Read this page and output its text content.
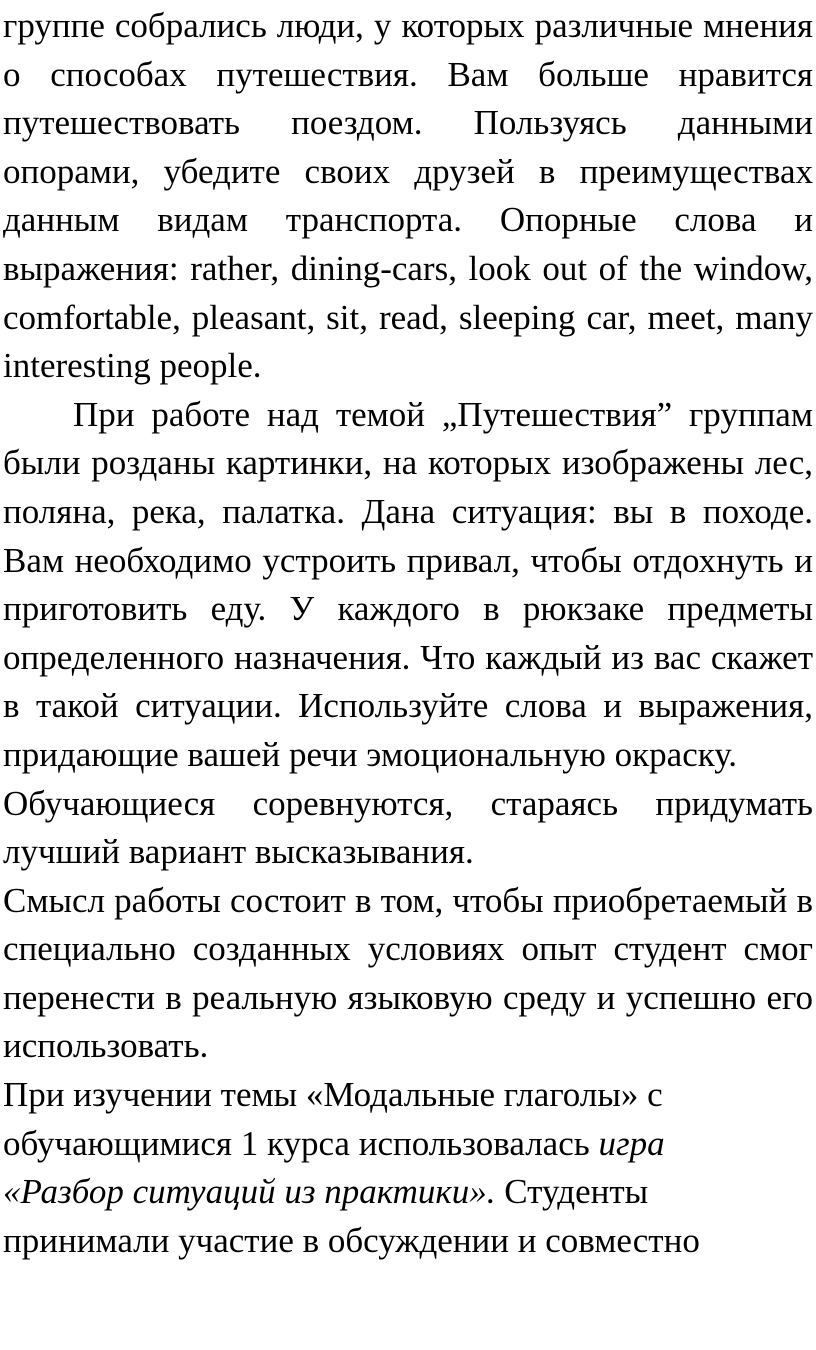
группе собрались люди, у которых различные мнения о способах путешествия. Вам больше нравится путешествовать поездом. Пользуясь данными опорами, убедите своих друзей в преимуществах данным видам транспорта. Опорные слова и выражения: rather, dining-cars, look out of the window, comfortable, pleasant, sit, read, sleeping car, meet, many interesting people.

При работе над темой „Путешествия” группам были розданы картинки, на которых изображены лес, поляна, река, палатка. Дана ситуация: вы в походе. Вам необходимо устроить привал, чтобы отдохнуть и приготовить еду. У каждого в рюкзаке предметы определенного назначения. Что каждый из вас скажет в такой ситуации. Используйте слова и выражения, придающие вашей речи эмоциональную окраску.

Обучающиеся соревнуются, стараясь придумать лучший вариант высказывания.

Смысл работы состоит в том, чтобы приобретаемый в специально созданных условиях опыт студент смог перенести в реальную языковую среду и успешно его использовать.

При изучении темы «Модальные глаголы» с
обучающимися 1 курса использовалась игра
«Разбор ситуаций из практики». Студенты
принимали участие в обсуждении и совместно
